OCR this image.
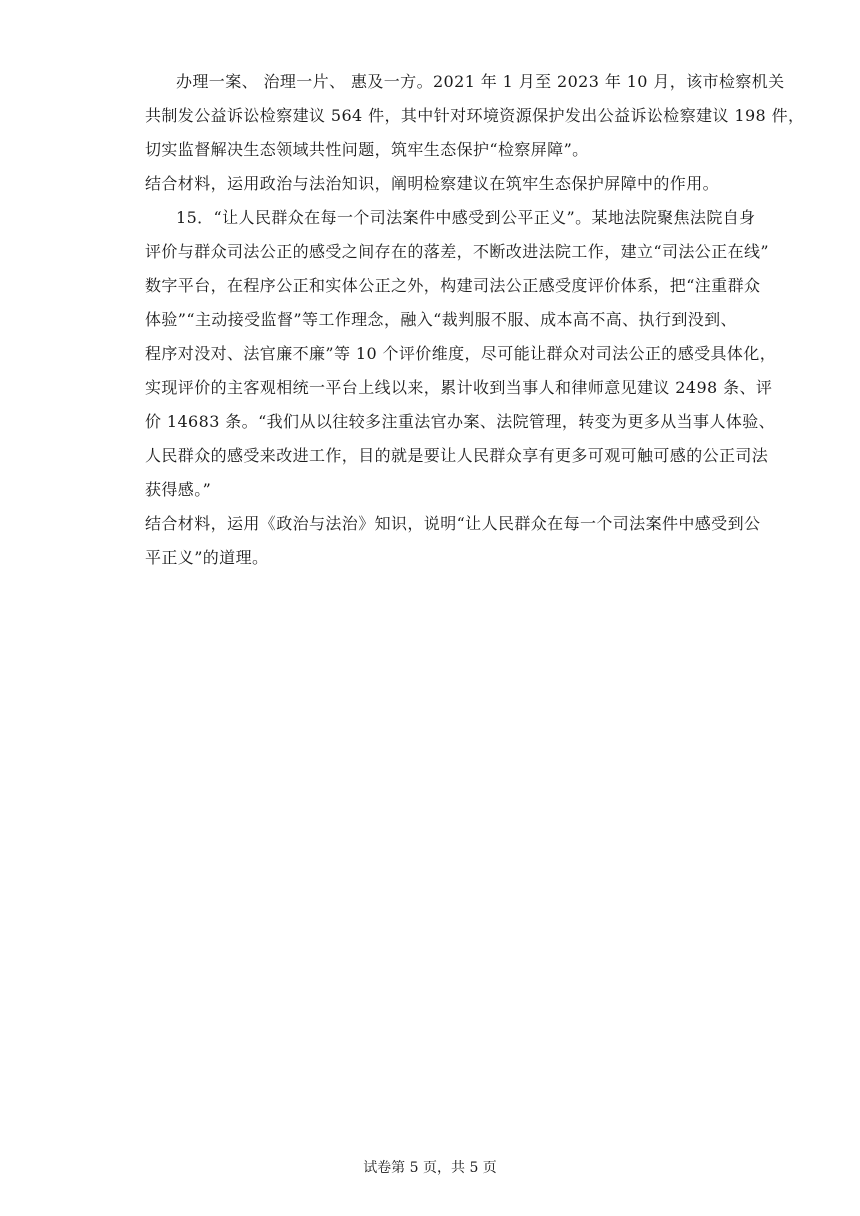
办理一案、 治理一片、 惠及一方。2021 年 1 月至 2023 年 10 月，该市检察机关
共制发公益诉讼检察建议 564 件，其中针对环境资源保护发出公益诉讼检察建议 198 件，
切实监督解决生态领域共性问题，筑牢生态保护“检察屏障”。
结合材料，运用政治与法治知识，阐明检察建议在筑牢生态保护屏障中的作用。
15．“让人民群众在每一个司法案件中感受到公平正义”。某地法院聚焦法院自身
评价与群众司法公正的感受之间存在的落差，不断改进法院工作，建立“司法公正在线”
数字平台，在程序公正和实体公正之外，构建司法公正感受度评价体系，把“注重群众
体验”“主动接受监督”等工作理念，融入“裁判服不服、成本高不高、执行到没到、
程序对没对、法官廉不廉”等 10 个评价维度，尽可能让群众对司法公正的感受具体化，
实现评价的主客观相统一平台上线以来，累计收到当事人和律师意见建议 2498 条、评
价 14683 条。“我们从以往较多注重法官办案、法院管理，转变为更多从当事人体验、
人民群众的感受来改进工作，目的就是要让人民群众享有更多可观可触可感的公正司法
获得感。”
结合材料，运用《政治与法治》知识，说明“让人民群众在每一个司法案件中感受到公
平正义”的道理。
试卷第 5 页，共 5 页
